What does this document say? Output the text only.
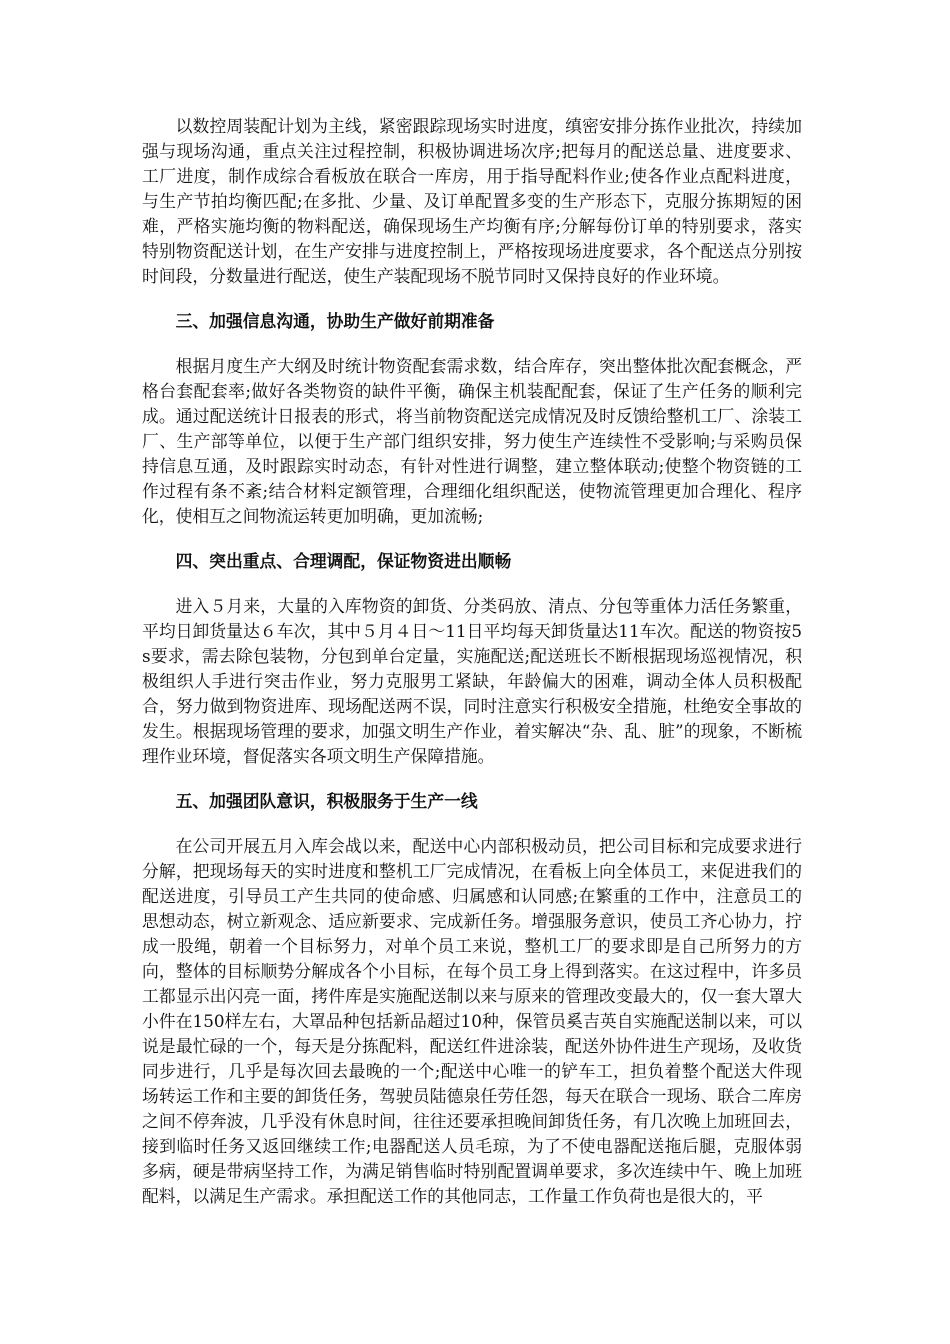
以数控周装配计划为主线，紧密跟踪现场实时进度，缜密安排分拣作业批次，持续加强与现场沟通，重点关注过程控制，积极协调进场次序;把每月的配送总量、进度要求、工厂进度，制作成综合看板放在联合一库房，用于指导配料作业;使各作业点配料进度，与生产节拍均衡匹配;在多批、少量、及订单配置多变的生产形态下，克服分拣期短的困难，严格实施均衡的物料配送，确保现场生产均衡有序;分解每份订单的特别要求，落实特别物资配送计划，在生产安排与进度控制上，严格按现场进度要求，各个配送点分别按时间段，分数量进行配送，使生产装配现场不脱节同时又保持良好的作业环境。

三、加强信息沟通，协助生产做好前期准备

根据月度生产大纲及时统计物资配套需求数，结合库存，突出整体批次配套概念，严格台套配套率;做好各类物资的缺件平衡，确保主机装配配套，保证了生产任务的顺利完成。通过配送统计日报表的形式，将当前物资配送完成情况及时反馈给整机工厂、涂装工厂、生产部等单位，以便于生产部门组织安排，努力使生产连续性不受影响;与采购员保持信息互通，及时跟踪实时动态，有针对性进行调整，建立整体联动;使整个物资链的工作过程有条不紊;结合材料定额管理，合理细化组织配送，使物流管理更加合理化、程序化，使相互之间物流运转更加明确，更加流畅;

四、突出重点、合理调配，保证物资进出顺畅

进入５月来，大量的入库物资的卸货、分类码放、清点、分包等重体力活任务繁重，平均日卸货量达６车次，其中５月４日～11日平均每天卸货量达11车次。配送的物资按5s要求，需去除包装物，分包到单台定量，实施配送;配送班长不断根据现场巡视情况，积极组织人手进行突击作业，努力克服男工紧缺，年龄偏大的困难，调动全体人员积极配合，努力做到物资进库、现场配送两不误，同时注意实行积极安全措施，杜绝安全事故的发生。根据现场管理的要求，加强文明生产作业，着实解决“杂、乱、脏”的现象，不断梳理作业环境，督促落实各项文明生产保障措施。

五、加强团队意识，积极服务于生产一线

在公司开展五月入库会战以来，配送中心内部积极动员，把公司目标和完成要求进行分解，把现场每天的实时进度和整机工厂完成情况，在看板上向全体员工，来促进我们的配送进度，引导员工产生共同的使命感、归属感和认同感;在繁重的工作中，注意员工的思想动态，树立新观念、适应新要求、完成新任务。增强服务意识，使员工齐心协力，拧成一股绳，朝着一个目标努力，对单个员工来说，整机工厂的要求即是自己所努力的方向，整体的目标顺势分解成各个小目标，在每个员工身上得到落实。在这过程中，许多员工都显示出闪亮一面，拷件库是实施配送制以来与原来的管理改变最大的，仅一套大罩大小件在150样左右，大罩品种包括新品超过10种，保管员奚吉英自实施配送制以来，可以说是最忙碌的一个，每天是分拣配料，配送红件进涂装，配送外协件进生产现场，及收货同步进行，几乎是每次回去最晚的一个;配送中心唯一的铲车工，担负着整个配送大件现场转运工作和主要的卸货任务，驾驶员陆德泉任劳任怨，每天在联合一现场、联合二库房之间不停奔波，几乎没有休息时间，往往还要承担晚间卸货任务，有几次晚上加班回去，接到临时任务又返回继续工作;电器配送人员毛琼，为了不使电器配送拖后腿，克服体弱多病，硬是带病坚持工作，为满足销售临时特别配置调单要求，多次连续中午、晚上加班配料，以满足生产需求。承担配送工作的其他同志，工作量工作负荷也是很大的，平
